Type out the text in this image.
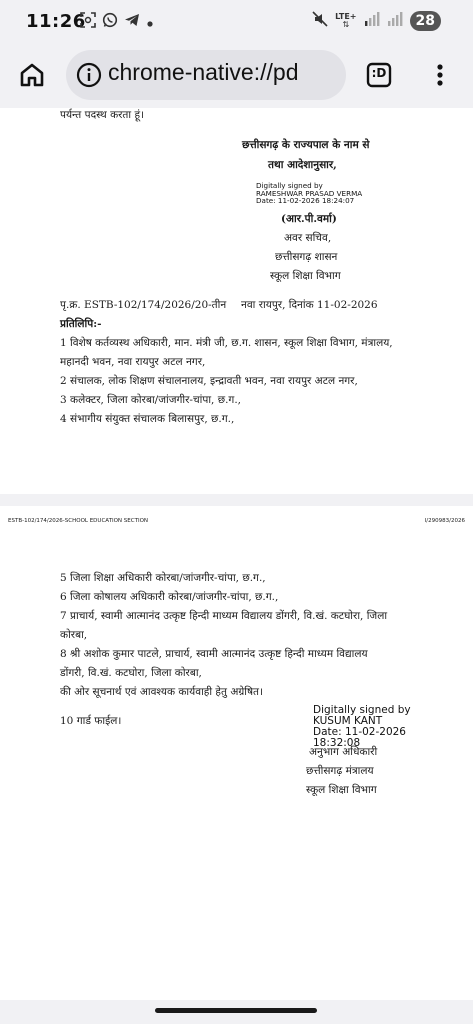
11:26	LTE+
⇅	28
chrome-native://pd	:D
पर्यन्त पदस्थ करता हूं।
छत्तीसगढ़ के राज्यपाल के नाम से
तथा आदेशानुसार,
Digitally signed by
RAMESHWAR PRASAD VERMA
Date: 11-02-2026 18:24:07
(आर.पी.वर्मा)
अवर सचिव,
छत्तीसगढ़ शासन
स्कूल शिक्षा विभाग
पृ.क्र. ESTB-102/174/2026/20-तीन नवा रायपुर, दिनांक 11-02-2026
प्रतिलिपि:-
1 विशेष कर्तव्यस्थ अधिकारी, मान. मंत्री जी, छ.ग. शासन, स्कूल शिक्षा विभाग, मंत्रालय,
महानदी भवन, नवा रायपुर अटल नगर,
2 संचालक, लोक शिक्षण संचालनालय, इन्द्रावती भवन, नवा रायपुर अटल नगर,
3 कलेक्टर, जिला कोरबा/जांजगीर-चांपा, छ.ग.,
4 संभागीय संयुक्त संचालक बिलासपुर, छ.ग.,
ESTB-102/174/2026-SCHOOL EDUCATION SECTION	I/290983/2026
5 जिला शिक्षा अधिकारी कोरबा/जांजगीर-चांपा, छ.ग.,
6 जिला कोषालय अधिकारी कोरबा/जांजगीर-चांपा, छ.ग.,
7 प्राचार्य, स्वामी आत्मानंद उत्कृष्ट हिन्दी माध्यम विद्यालय डोंगरी, वि.खं. कटघोरा, जिला
कोरबा,
8 श्री अशोक कुमार पाटले, प्राचार्य, स्वामी आत्मानंद उत्कृष्ट हिन्दी माध्यम विद्यालय
डोंगरी, वि.खं. कटघोरा, जिला कोरबा,
की ओर सूचनार्थ एवं आवश्यक कार्यवाही हेतु अग्रेषित।
10 गार्ड फाईल।
Digitally signed by
KUSUM KANT
Date: 11-02-2026
18:32:08
अनुभाग अधिकारी
छत्तीसगढ़ मंत्रालय
स्कूल शिक्षा विभाग
